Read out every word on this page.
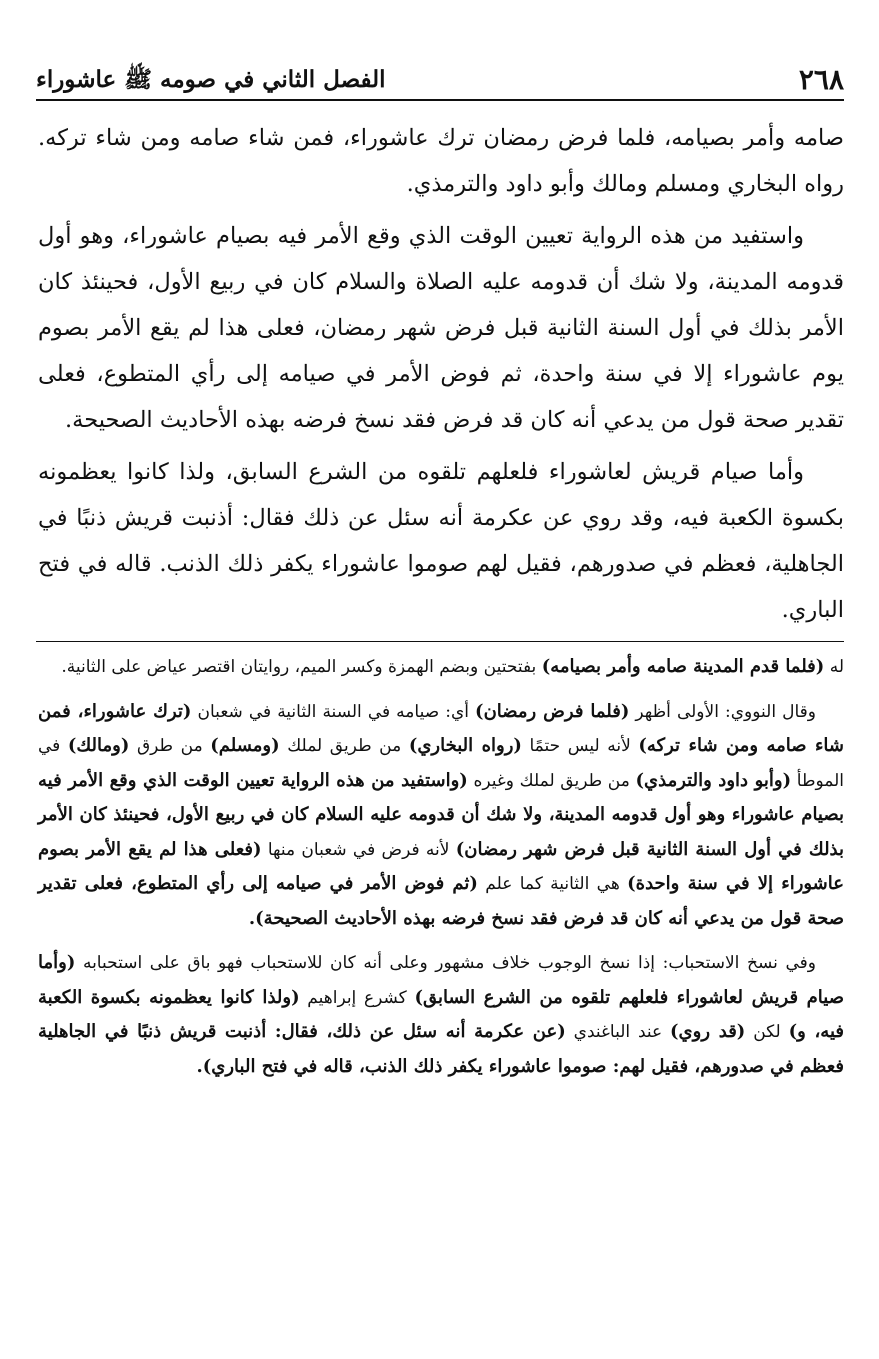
٢٦٨
الفصل الثاني في صومه ﷺ عاشوراء

صامه وأمر بصيامه، فلما فرض رمضان ترك عاشوراء، فمن شاء صامه ومن شاء تركه. رواه البخاري ومسلم ومالك وأبو داود والترمذي.

واستفيد من هذه الرواية تعيين الوقت الذي وقع الأمر فيه بصيام عاشوراء، وهو أول قدومه المدينة، ولا شك أن قدومه عليه الصلاة والسلام كان في ربيع الأول، فحينئذ كان الأمر بذلك في أول السنة الثانية قبل فرض شهر رمضان، فعلى هذا لم يقع الأمر بصوم يوم عاشوراء إلا في سنة واحدة، ثم فوض الأمر في صيامه إلى رأي المتطوع، فعلى تقدير صحة قول من يدعي أنه كان قد فرض فقد نسخ فرضه بهذه الأحاديث الصحيحة.

وأما صيام قريش لعاشوراء فلعلهم تلقوه من الشرع السابق، ولذا كانوا يعظمونه بكسوة الكعبة فيه، وقد روي عن عكرمة أنه سئل عن ذلك فقال: أذنبت قريش ذنبًا في الجاهلية، فعظم في صدورهم، فقيل لهم صوموا عاشوراء يكفر ذلك الذنب. قاله في فتح الباري.

له (فلما قدم المدينة صامه وأمر بصيامه) بفتحتين وبضم الهمزة وكسر الميم، روايتان اقتصر عياض على الثانية.

وقال النووي: الأولى أظهر (فلما فرض رمضان) أي: صيامه في السنة الثانية في شعبان (ترك عاشوراء، فمن شاء صامه ومن شاء تركه) لأنه ليس حتمًا (رواه البخاري) من طريق لملك (ومسلم) من طرق (ومالك) في الموطأ (وأبو داود والترمذي) من طريق لملك وغيره (واستفيد من هذه الرواية تعيين الوقت الذي وقع الأمر فيه بصيام عاشوراء وهو أول قدومه المدينة، ولا شك أن قدومه عليه السلام كان في ربيع الأول، فحينئذ كان الأمر بذلك في أول السنة الثانية قبل فرض شهر رمضان) لأنه فرض في شعبان منها (فعلى هذا لم يقع الأمر بصوم عاشوراء إلا في سنة واحدة) هي الثانية كما علم (ثم فوض الأمر في صيامه إلى رأي المتطوع، فعلى تقدير صحة قول من يدعي أنه كان قد فرض فقد نسخ فرضه بهذه الأحاديث الصحيحة).

وفي نسخ الاستحباب: إذا نسخ الوجوب خلاف مشهور وعلى أنه كان للاستحباب فهو باق على استحبابه (وأما صيام قريش لعاشوراء فلعلهم تلقوه من الشرع السابق) كشرع إبراهيم (ولذا كانوا يعظمونه بكسوة الكعبة فيه، و) لكن (قد روي) عند الباغندي (عن عكرمة أنه سئل عن ذلك، فقال: أذنبت قريش ذنبًا في الجاهلية فعظم في صدورهم، فقيل لهم: صوموا عاشوراء يكفر ذلك الذنب، قاله في فتح الباري).
